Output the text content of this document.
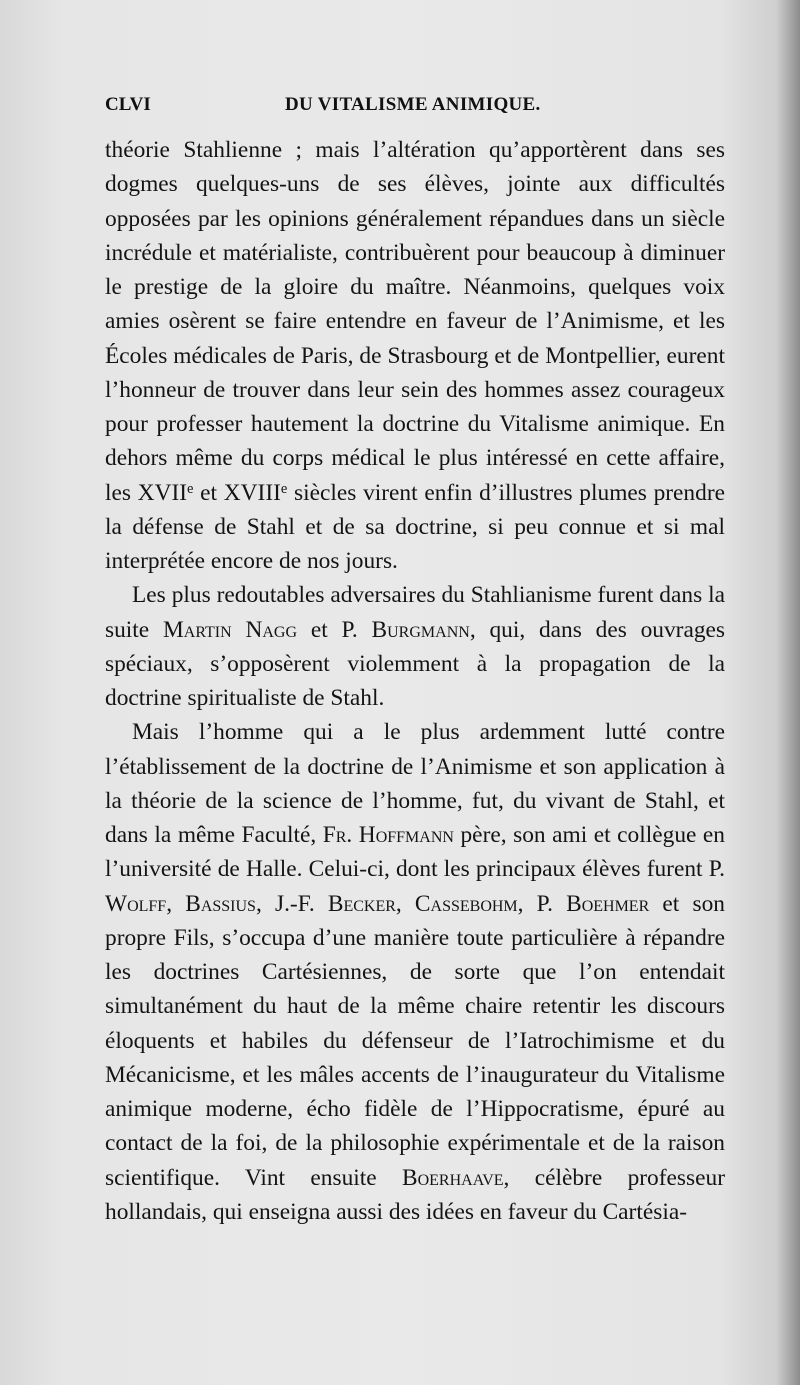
CLVI	DU VITALISME ANIMIQUE.

théorie Stahlienne ; mais l’altération qu’apportèrent dans ses dogmes quelques-uns de ses élèves, jointe aux difficultés opposées par les opinions généralement répandues dans un siècle incrédule et matérialiste, contribuèrent pour beaucoup à diminuer le prestige de la gloire du maître. Néanmoins, quelques voix amies osèrent se faire entendre en faveur de l’Animisme, et les Écoles médicales de Paris, de Strasbourg et de Montpellier, eurent l’honneur de trouver dans leur sein des hommes assez courageux pour professer hautement la doctrine du Vitalisme animique. En dehors même du corps médical le plus intéressé en cette affaire, les XVIIe et XVIIIe siècles virent enfin d’illustres plumes prendre la défense de Stahl et de sa doctrine, si peu connue et si mal interprétée encore de nos jours.

Les plus redoutables adversaires du Stahlianisme furent dans la suite Martin Nagg et P. Burgmann, qui, dans des ouvrages spéciaux, s’opposèrent violemment à la propagation de la doctrine spiritualiste de Stahl.

Mais l’homme qui a le plus ardemment lutté contre l’établissement de la doctrine de l’Animisme et son application à la théorie de la science de l’homme, fut, du vivant de Stahl, et dans la même Faculté, Fr. Hoffmann père, son ami et collègue en l’université de Halle. Celui-ci, dont les principaux élèves furent P. Wolff, Bassius, J.-F. Becker, Cassebohm, P. Boehmer et son propre Fils, s’occupa d’une manière toute particulière à répandre les doctrines Cartésiennes, de sorte que l’on entendait simultanément du haut de la même chaire retentir les discours éloquents et habiles du défenseur de l’Iatrochimisme et du Mécanicisme, et les mâles accents de l’inaugurateur du Vitalisme animique moderne, écho fidèle de l’Hippocratisme, épuré au contact de la foi, de la philosophie expérimentale et de la raison scientifique. Vint ensuite Boerhaave, célèbre professeur hollandais, qui enseigna aussi des idées en faveur du Cartésia-
